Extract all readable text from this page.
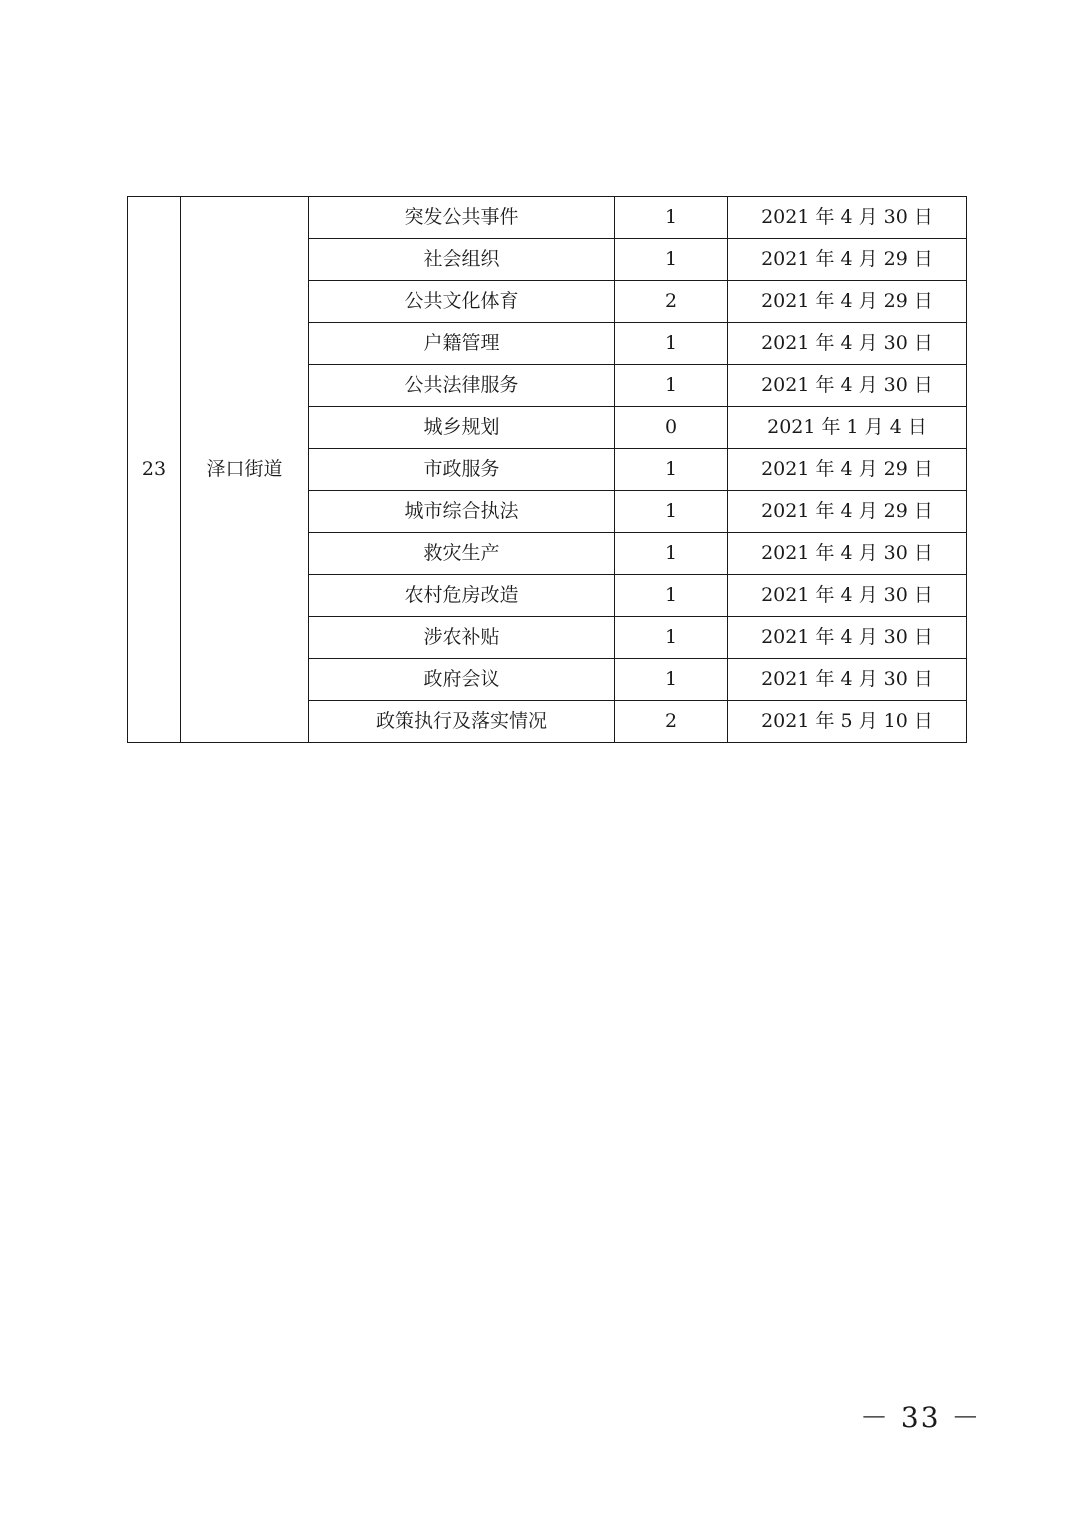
23	泽口街道	突发公共事件	1	2021 年 4 月 30 日
		社会组织	1	2021 年 4 月 29 日
		公共文化体育	2	2021 年 4 月 29 日
		户籍管理	1	2021 年 4 月 30 日
		公共法律服务	1	2021 年 4 月 30 日
		城乡规划	0	2021 年 1 月 4 日
		市政服务	1	2021 年 4 月 29 日
		城市综合执法	1	2021 年 4 月 29 日
		救灾生产	1	2021 年 4 月 30 日
		农村危房改造	1	2021 年 4 月 30 日
		涉农补贴	1	2021 年 4 月 30 日
		政府会议	1	2021 年 4 月 30 日
		政策执行及落实情况	2	2021 年 5 月 10 日
－ 33 －
